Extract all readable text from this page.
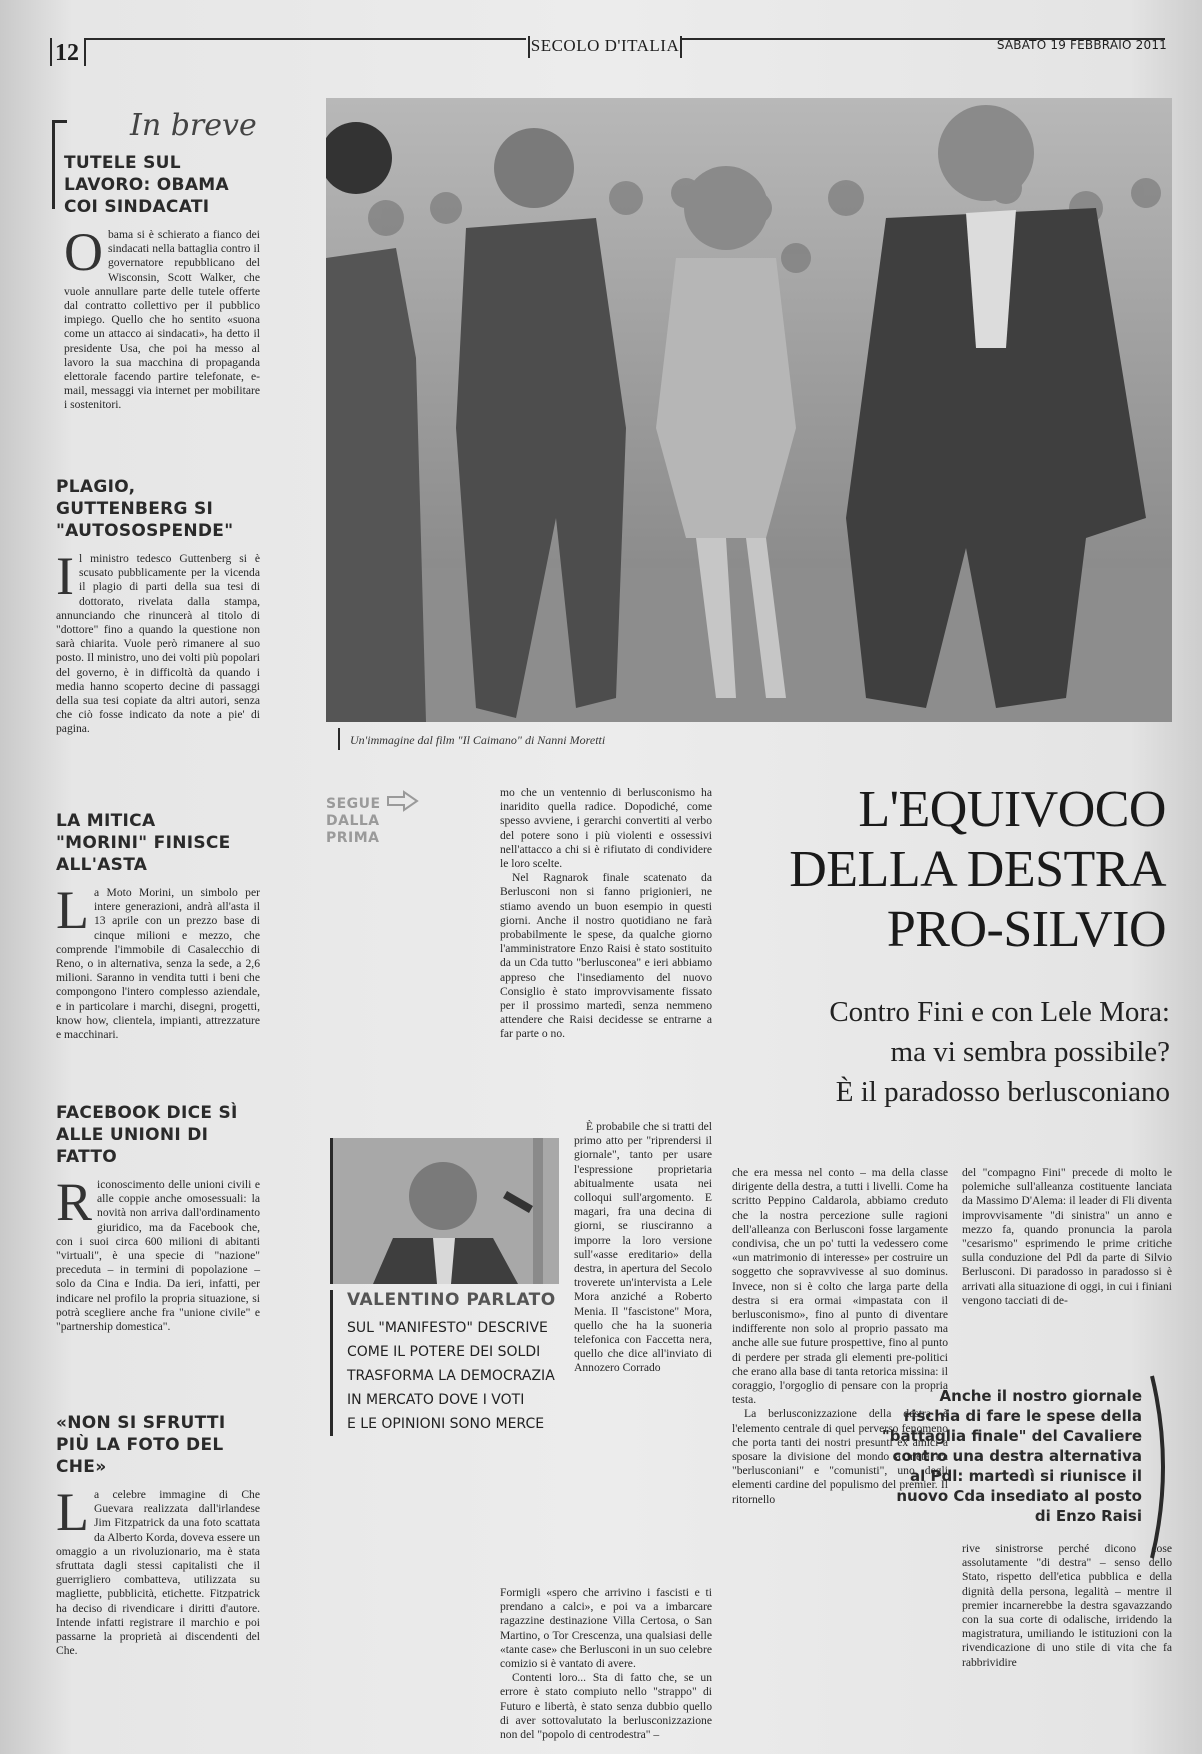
12	SECOLO D'ITALIA	SABATO 19 FEBBRAIO 2011
In breve
TUTELE SUL LAVORO: OBAMA COI SINDACATI
O bama si è schierato a fianco dei sindacati nella battaglia contro il governatore repubblicano del Wisconsin, Scott Walker, che vuole annullare parte delle tutele offerte dal contratto collettivo per il pubblico impiego. Quello che ho sentito «suona come un attacco ai sindacati», ha detto il presidente Usa, che poi ha messo al lavoro la sua macchina di propaganda elettorale facendo partire telefonate, e-mail, messaggi via internet per mobilitare i sostenitori.
PLAGIO, GUTTENBERG SI "AUTOSOSPENDE"
I l ministro tedesco Guttenberg si è scusato pubblicamente per la vicenda il plagio di parti della sua tesi di dottorato, rivelata dalla stampa, annunciando che rinuncerà al titolo di "dottore" fino a quando la questione non sarà chiarita. Vuole però rimanere al suo posto. Il ministro, uno dei volti più popolari del governo, è in difficoltà da quando i media hanno scoperto decine di passaggi della sua tesi copiate da altri autori, senza che ciò fosse indicato da note a pie' di pagina.
LA MITICA "MORINI" FINISCE ALL'ASTA
L a Moto Morini, un simbolo per intere generazioni, andrà all'asta il 13 aprile con un prezzo base di cinque milioni e mezzo, che comprende l'immobile di Casalecchio di Reno, o in alternativa, senza la sede, a 2,6 milioni. Saranno in vendita tutti i beni che compongono l'intero complesso aziendale, e in particolare i marchi, disegni, progetti, know how, clientela, impianti, attrezzature e macchinari.
FACEBOOK DICE SÌ ALLE UNIONI DI FATTO
R iconoscimento delle unioni civili e alle coppie anche omosessuali: la novità non arriva dall'ordinamento giuridico, ma da Facebook che, con i suoi circa 600 milioni di abitanti "virtuali", è una specie di "nazione" preceduta – in termini di popolazione – solo da Cina e India. Da ieri, infatti, per indicare nel profilo la propria situazione, si potrà scegliere anche fra "unione civile" e "partnership domestica".
«NON SI SFRUTTI PIÙ LA FOTO DEL CHE»
L a celebre immagine di Che Guevara realizzata dall'irlandese Jim Fitzpatrick da una foto scattata da Alberto Korda, doveva essere un omaggio a un rivoluzionario, ma è stata sfruttata dagli stessi capitalisti che il guerrigliero combatteva, utilizzata su magliette, pubblicità, etichette. Fitzpatrick ha deciso di rivendicare i diritti d'autore. Intende infatti registrare il marchio e poi passarne la proprietà ai discendenti del Che.
Un'immagine dal film "Il Caimano" di Nanni Moretti
SEGUE
DALLA
PRIMA
mo che un ventennio di berlusconismo ha inaridito quella radice. Dopodiché, come spesso avviene, i gerarchi convertiti al verbo del potere sono i più violenti e ossessivi nell'attacco a chi si è rifiutato di condividere le loro scelte.
Nel Ragnarok finale scatenato da Berlusconi non si fanno prigionieri, ne stiamo avendo un buon esempio in questi giorni. Anche il nostro quotidiano ne farà probabilmente le spese, da qualche giorno l'amministratore Enzo Raisi è stato sostituito da un Cda tutto "berlusconea" e ieri abbiamo appreso che l'insediamento del nuovo Consiglio è stato improvvisamente fissato per il prossimo martedì, senza nemmeno attendere che Raisi decidesse se entrarne a far parte o no.
L'EQUIVOCO
DELLA DESTRA
PRO-SILVIO
Contro Fini e con Lele Mora:
ma vi sembra possibile?
È il paradosso berlusconiano
VALENTINO PARLATO
SUL "MANIFESTO" DESCRIVE
COME IL POTERE DEI SOLDI
TRASFORMA LA DEMOCRAZIA
IN MERCATO DOVE I VOTI
E LE OPINIONI SONO MERCE
È probabile che si tratti del primo atto per "riprendersi il giornale", tanto per usare l'espressione proprietaria abitualmente usata nei colloqui sull'argomento. E magari, fra una decina di giorni, se riusciranno a imporre la loro versione sull'«asse ereditario» della destra, in apertura del Secolo troverete un'intervista a Lele Mora anziché a Roberto Menia. Il "fascistone" Mora, quello che ha la suoneria telefonica con Faccetta nera, quello che dice all'inviato di Annozero Corrado
Formigli «spero che arrivino i fascisti e ti prendano a calci», e poi va a imbarcare ragazzine destinazione Villa Certosa, o San Martino, o Tor Crescenza, una qualsiasi delle «tante case» che Berlusconi in un suo celebre comizio si è vantato di avere.
Contenti loro... Sta di fatto che, se un errore è stato compiuto nello "strappo" di Futuro e libertà, è stato senza dubbio quello di aver sottovalutato la berlusconizzazione non del "popolo di centrodestra" –
che era messa nel conto – ma della classe dirigente della destra, a tutti i livelli. Come ha scritto Peppino Caldarola, abbiamo creduto che la nostra percezione sulle ragioni dell'alleanza con Berlusconi fosse largamente condivisa, che un po' tutti la vedessero come «un matrimonio di interesse» per costruire un soggetto che sopravvivesse al suo dominus. Invece, non si è colto che larga parte della destra si era ormai «impastata con il berlusconismo», fino al punto di diventare indifferente non solo al proprio passato ma anche alle sue future prospettive, fino al punto di perdere per strada gli elementi pre-politici che erano alla base di tanta retorica missina: il coraggio, l'orgoglio di pensare con la propria testa.
La berlusconizzazione della destra è l'elemento centrale di quel perverso fenomeno che porta tanti dei nostri presunti ex amici a sposare la divisione del mondo a metà tra "berlusconiani" e "comunisti", uno degli elementi cardine del populismo del premier. Il ritornello
del "compagno Fini" precede di molto le polemiche sull'alleanza costituente lanciata da Massimo D'Alema: il leader di Fli diventa improvvisamente "di sinistra" un anno e mezzo fa, quando pronuncia la parola "cesarismo" esprimendo le prime critiche sulla conduzione del Pdl da parte di Silvio Berlusconi. Di paradosso in paradosso si è arrivati alla situazione di oggi, in cui i finiani vengono tacciati di de-
Anche il nostro giornale rischia di fare le spese della "battaglia finale" del Cavaliere contro una destra alternativa al Pdl: martedì si riunisce il nuovo Cda insediato al posto di Enzo Raisi
rive sinistrorse perché dicono cose assolutamente "di destra" – senso dello Stato, rispetto dell'etica pubblica e della dignità della persona, legalità – mentre il premier incarnerebbe la destra sgavazzando con la sua corte di odalische, irridendo la magistratura, umiliando le istituzioni con la rivendicazione di uno stile di vita che fa rabbrividire
